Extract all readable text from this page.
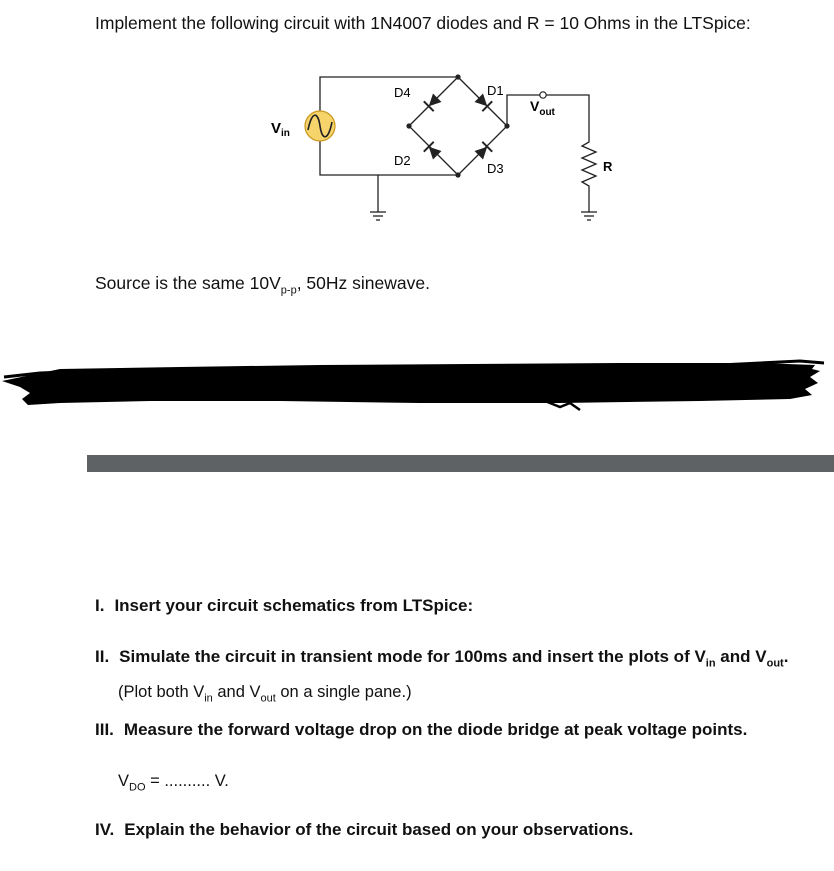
Implement the following circuit with 1N4007 diodes and R = 10 Ohms in the LTSpice:
$V_{in}$
D4	D1
D2
D3
$V_{out}$
R
Source is the same $10V_{p-p}$, 50Hz sinewave.
I. Insert your circuit schematics from LTSpice:
II. Simulate the circuit in transient mode for 100ms and insert the plots of $V_{in}$ and $V_{out}$.
(Plot both $V_{in}$ and $V_{out}$ on a single pane.)
III. Measure the forward voltage drop on the diode bridge at peak voltage points.
$V_{DO}$ = .......... V.
IV. Explain the behavior of the circuit based on your observations.
